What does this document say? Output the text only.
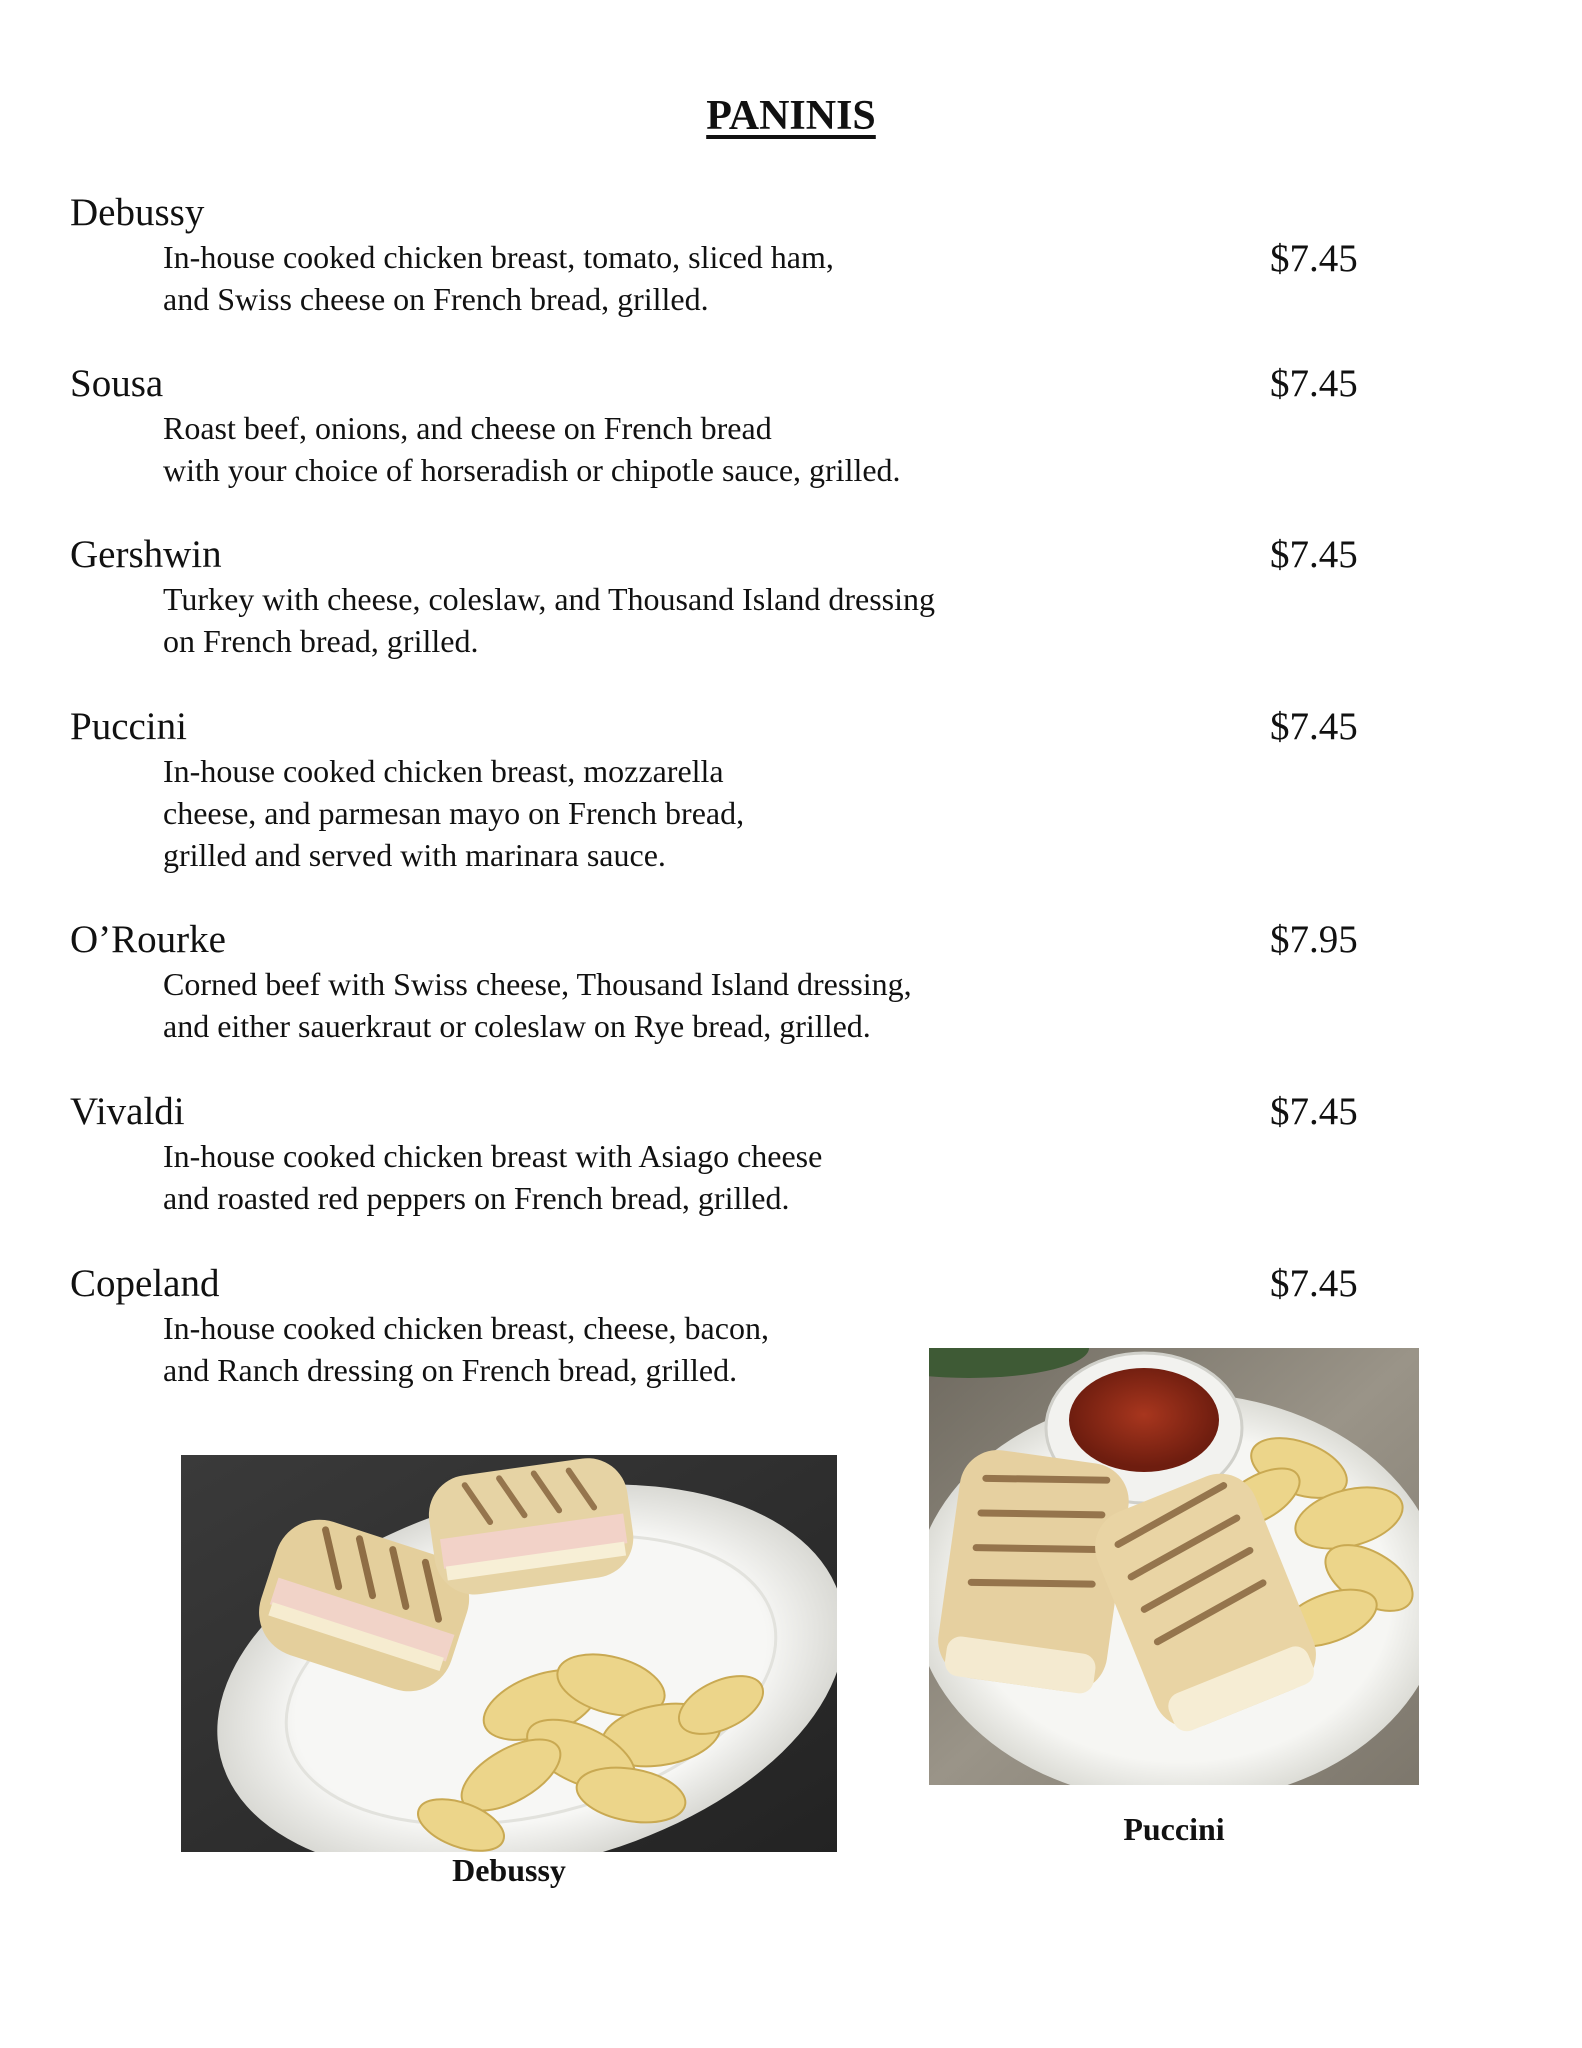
PANINIS
Debussy
In-house cooked chicken breast, tomato, sliced ham,
and Swiss cheese on French bread, grilled.
$7.45
Sousa
Roast beef, onions, and cheese on French bread
with your choice of horseradish or chipotle sauce, grilled.
$7.45
Gershwin
Turkey with cheese, coleslaw, and Thousand Island dressing
on French bread, grilled.
$7.45
Puccini
In-house cooked chicken breast, mozzarella
cheese, and parmesan mayo on French bread,
grilled and served with marinara sauce.
$7.45
O’Rourke
Corned beef with Swiss cheese, Thousand Island dressing,
and either sauerkraut or coleslaw on Rye bread, grilled.
$7.95
Vivaldi
In-house cooked chicken breast with Asiago cheese
and roasted red peppers on French bread, grilled.
$7.45
Copeland
In-house cooked chicken breast, cheese, bacon,
and Ranch dressing on French bread, grilled.
$7.45
Debussy
Puccini
